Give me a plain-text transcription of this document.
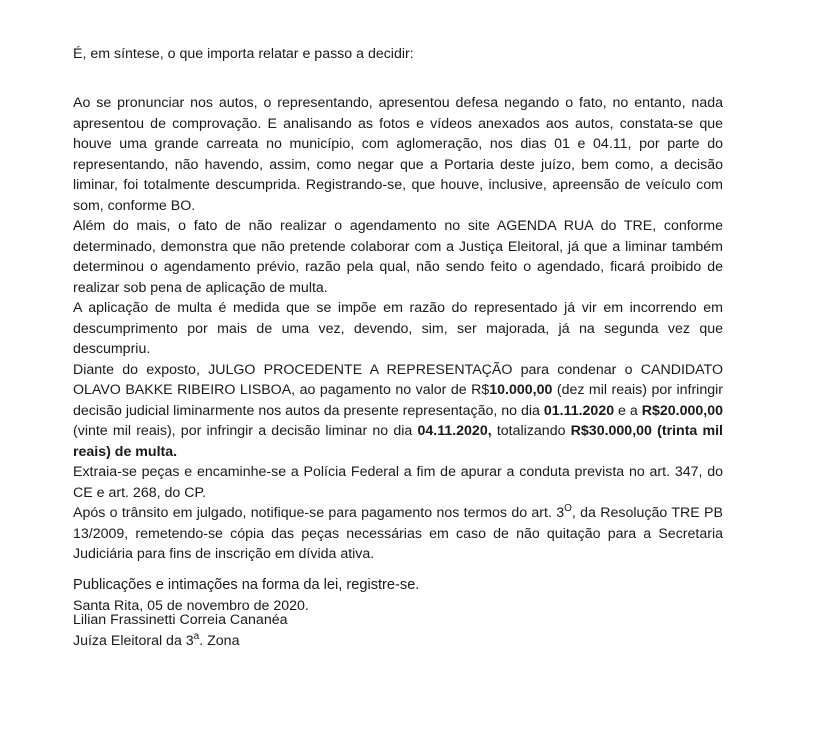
É, em síntese, o que importa relatar e passo a decidir:

Ao se pronunciar nos autos, o representando, apresentou defesa negando o fato, no entanto, nada apresentou de comprovação. E analisando as fotos e vídeos anexados aos autos, constata-se que houve uma grande carreata no município, com aglomeração, nos dias 01 e 04.11, por parte do representando, não havendo, assim, como negar que a Portaria deste juízo, bem como, a decisão liminar, foi totalmente descumprida. Registrando-se, que houve, inclusive, apreensão de veículo com som, conforme BO.

Além do mais, o fato de não realizar o agendamento no site AGENDA RUA do TRE, conforme determinado, demonstra que não pretende colaborar com a Justiça Eleitoral, já que a liminar também determinou o agendamento prévio, razão pela qual, não sendo feito o agendado, ficará proibido de realizar sob pena de aplicação de multa.

A aplicação de multa é medida que se impõe em razão do representado já vir em incorrendo em descumprimento por mais de uma vez, devendo, sim, ser majorada, já na segunda vez que descumpriu.

Diante do exposto, JULGO PROCEDENTE A REPRESENTAÇÃO para condenar o CANDIDATO OLAVO BAKKE RIBEIRO LISBOA, ao pagamento no valor de R$10.000,00 (dez mil reais) por infringir decisão judicial liminarmente nos autos da presente representação, no dia 01.11.2020 e a R$20.000,00 (vinte mil reais), por infringir a decisão liminar no dia 04.11.2020, totalizando R$30.000,00 (trinta mil reais) de multa.

Extraia-se peças e encaminhe-se a Polícia Federal a fim de apurar a conduta prevista no art. 347, do CE e art. 268, do CP.

Após o trânsito em julgado, notifique-se para pagamento nos termos do art. $3^O$, da Resolução TRE PB 13/2009, remetendo-se cópia das peças necessárias em caso de não quitação para a Secretaria Judiciária para fins de inscrição em dívida ativa.

Publicações e intimações na forma da lei, registre-se.

Santa Rita, 05 de novembro de 2020.

Lilian Frassinetti Correia Cananéa

Juíza Eleitoral da 3$^a$. Zona
